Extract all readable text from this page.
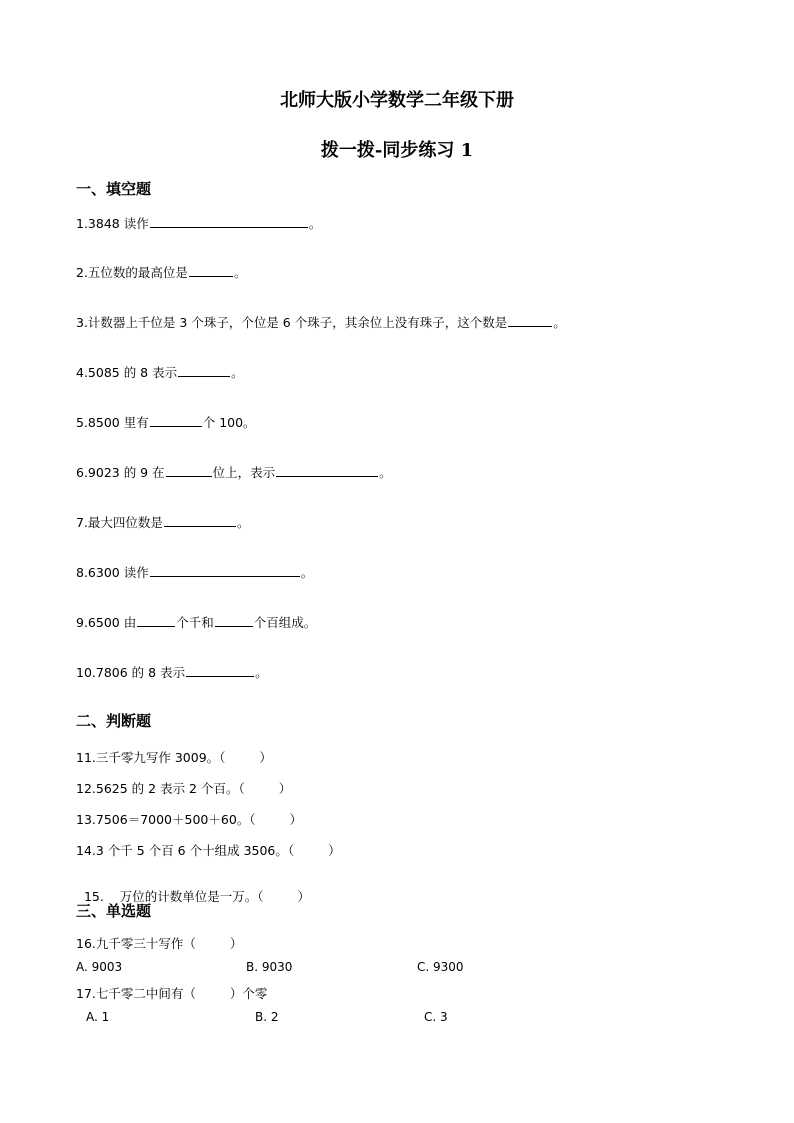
北师大版小学数学二年级下册
拨一拨-同步练习 1
一、填空题
1.3848 读作	。
2.五位数的最高位是	。
3.计数器上千位是 3 个珠子，个位是 6 个珠子，其余位上没有珠子，这个数是	。
4.5085 的 8 表示	。
5.8500 里有	个 100。
6.9023 的 9 在	位上，表示	。
7.最大四位数是	。
8.6300 读作	。
9.6500 由	个千和	个百组成。
10.7806 的 8 表示	。
二、判断题
11.三千零九写作 3009。（	）
12.5625 的 2 表示 2 个百。（	）
13.7506＝7000＋500＋60。（	）
14.3 个千 5 个百 6 个十组成 3506。（	）

15.    万位的计数单位是一万。（	）

三、单选题
16.九千零三十写作（	）
A. 9003	B. 9030	C. 9300
17.七千零二中间有（	）个零
A. 1	B. 2	C. 3
